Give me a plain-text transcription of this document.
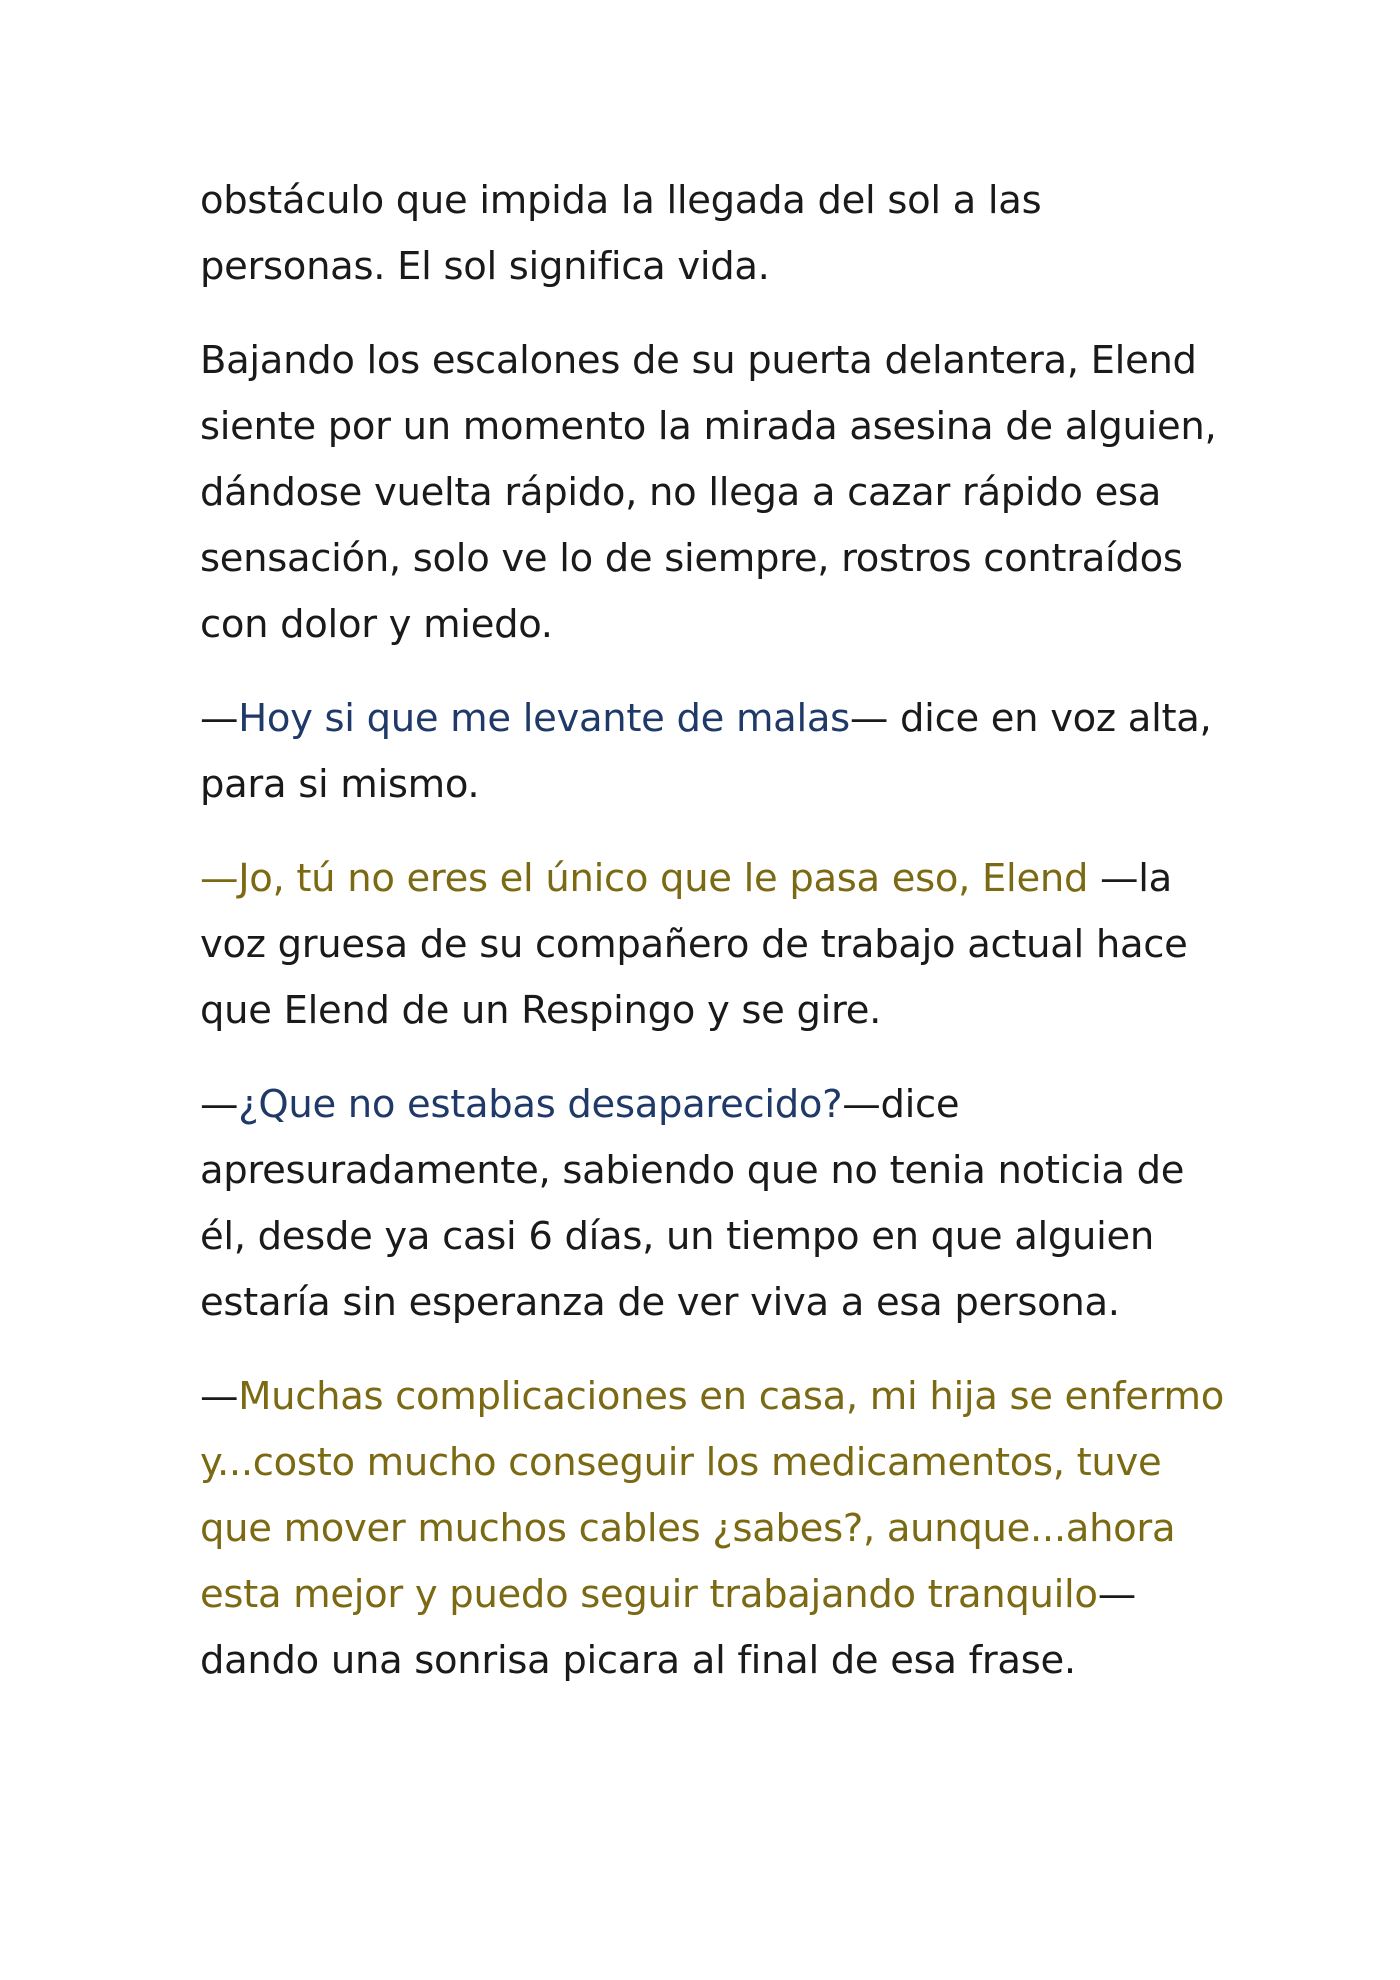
obstáculo que impida la llegada del sol a las personas. El sol significa vida.

Bajando los escalones de su puerta delantera, Elend siente por un momento la mirada asesina de alguien, dándose vuelta rápido, no llega a cazar rápido esa sensación, solo ve lo de siempre, rostros contraídos con dolor y miedo.

—Hoy si que me levante de malas— dice en voz alta, para si mismo.

—Jo, tú no eres el único que le pasa eso, Elend —la voz gruesa de su compañero de trabajo actual hace que Elend de un Respingo y se gire.

—¿Que no estabas desaparecido?—dice apresuradamente, sabiendo que no tenia noticia de él, desde ya casi 6 días, un tiempo en que alguien estaría sin esperanza de ver viva a esa persona.

—Muchas complicaciones en casa, mi hija se enfermo y...costo mucho conseguir los medicamentos, tuve que mover muchos cables ¿sabes?, aunque...ahora esta mejor y puedo seguir trabajando tranquilo—dando una sonrisa picara al final de esa frase.
